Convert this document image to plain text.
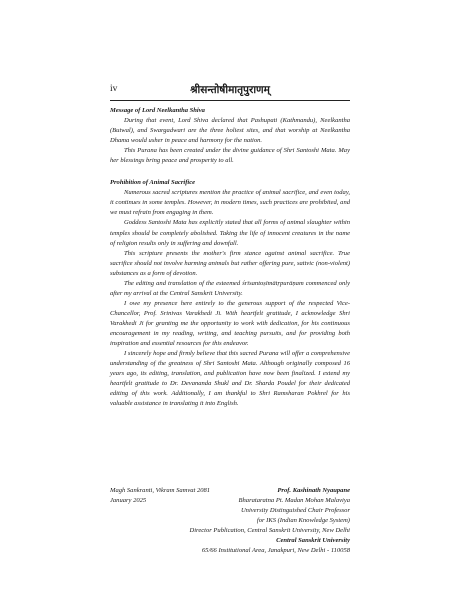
iv	श्रीसन्तोषीमातृपुराणम्

Message of Lord Neelkantha Shiva

During that event, Lord Shiva declared that Pashupati (Kathmandu), Neelkantha (Butwal), and Swargadwari are the three holiest sites, and that worship at Neelkantha Dhama would usher in peace and harmony for the nation.

This Purana has been created under the divine guidance of Shri Santoshi Mata. May her blessings bring peace and prosperity to all.

Prohibition of Animal Sacrifice

Numerous sacred scriptures mention the practice of animal sacrifice, and even today, it continues in some temples. However, in modern times, such practices are prohibited, and we must refrain from engaging in them.

Goddess Santoshi Mata has explicitly stated that all forms of animal slaughter within temples should be completely abolished. Taking the life of innocent creatures in the name of religion results only in suffering and downfall.

This scripture presents the mother's firm stance against animal sacrifice. True sacrifice should not involve harming animals but rather offering pure, sattvic (non-violent) substances as a form of devotion.

The editing and translation of the esteemed śrīsantoṣīmātṛpurāṇam commenced only after my arrival at the Central Sanskrit University.

I owe my presence here entirely to the generous support of the respected Vice-Chancellor, Prof. Srinivas Varakhedi Ji. With heartfelt gratitude, I acknowledge Shri Varakhedi Ji for granting me the opportunity to work with dedication, for his continuous encouragement in my reading, writing, and teaching pursuits, and for providing both inspiration and essential resources for this endeavor.

I sincerely hope and firmly believe that this sacred Purana will offer a comprehensive understanding of the greatness of Shri Santoshi Mata. Although originally composed 16 years ago, its editing, translation, and publication have now been finalized. I extend my heartfelt gratitude to Dr. Devananda Shukl and Dr. Sharda Poudel for their dedicated editing of this work. Additionally, I am thankful to Shri Ramsharan Pokhrel for his valuable assistance in translating it into English.

Magh Sankranti, Vikram Samvat 2081
January 2025
Prof. Kashinath Nyaupane
Bharataratna Pt. Madan Mohan Malaviya
University Distinguished Chair Professor
for IKS (Indian Knowledge System)
Director Publication, Central Sanskrit University, New Delhi
Central Sanskrit University
65/66 Institutional Area, Janakpuri, New Delhi - 110058
